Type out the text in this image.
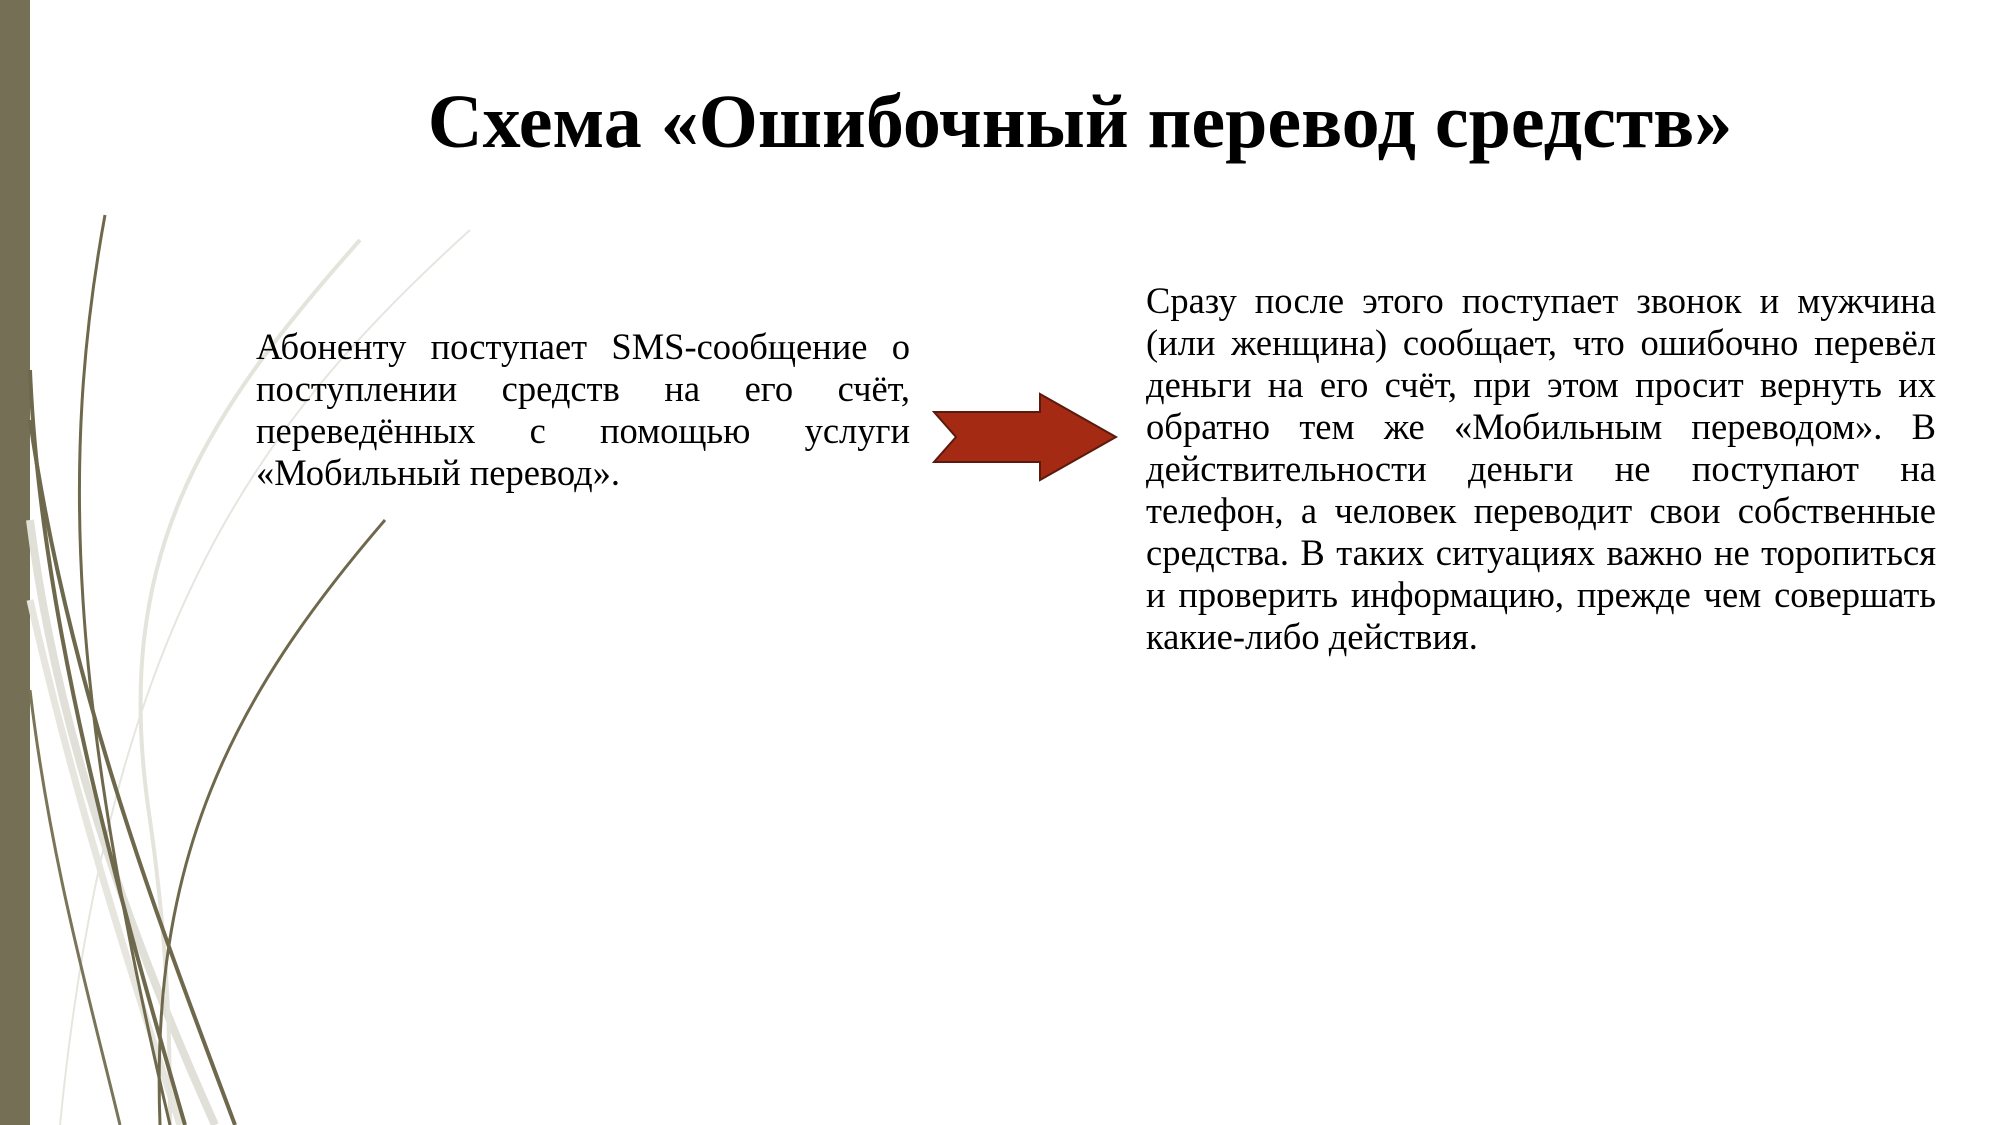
Схема «Ошибочный перевод средств»

Абоненту поступает SMS-сообщение о поступлении средств на его счёт, переведённых с помощью услуги «Мобильный перевод».

Сразу после этого поступает звонок и мужчина (или женщина) сообщает, что ошибочно перевёл деньги на его счёт, при этом просит вернуть их обратно тем же «Мобильным переводом». В действительности деньги не поступают на телефон, а человек переводит свои собственные средства. В таких ситуациях важно не торопиться и проверить информацию, прежде чем совершать какие-либо действия.
